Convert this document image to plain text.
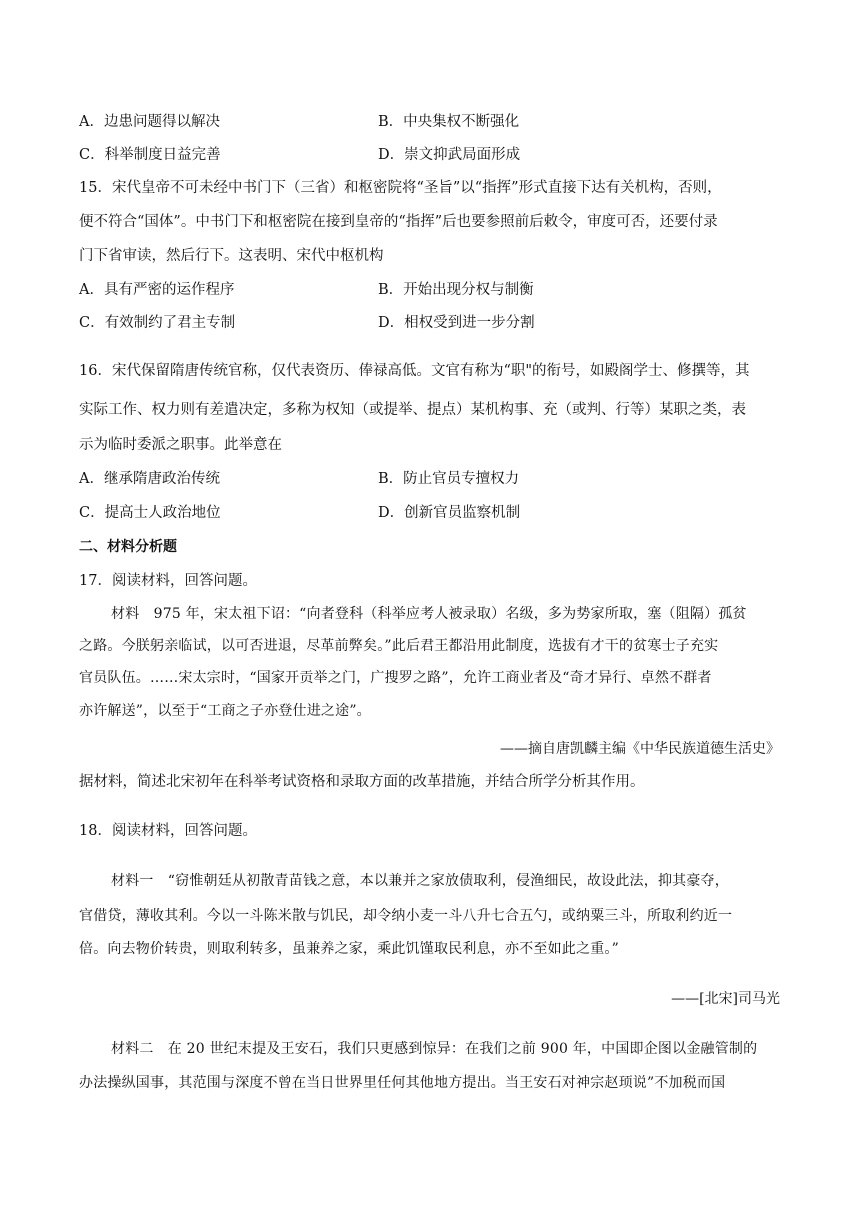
A．边患问题得以解决	B．中央集权不断强化
C．科举制度日益完善	D．崇文抑武局面形成
15．宋代皇帝不可未经中书门下（三省）和枢密院将“圣旨”以“指挥”形式直接下达有关机构，否则，
便不符合“国体”。中书门下和枢密院在接到皇帝的“指挥”后也要参照前后敕令，审度可否，还要付录
门下省审读，然后行下。这表明、宋代中枢机构
A．具有严密的运作程序	B．开始出现分权与制衡
C．有效制约了君主专制	D．相权受到进一步分割
16．宋代保留隋唐传统官称，仅代表资历、俸禄高低。文官有称为“职"的衔号，如殿阁学士、修撰等，其
实际工作、权力则有差遣决定，多称为权知（或提举、提点）某机构事、充（或判、行等）某职之类，表
示为临时委派之职事。此举意在
A．继承隋唐政治传统	B．防止官员专擅权力
C．提高士人政治地位	D．创新官员监察机制
二、材料分析题
17．阅读材料，回答问题。
材料　975 年，宋太祖下诏：“向者登科（科举应考人被录取）名级，多为势家所取，塞（阻隔）孤贫
之路。今朕躬亲临试，以可否进退，尽革前弊矣。”此后君王都沿用此制度，选拔有才干的贫寒士子充实
官员队伍。……宋太宗时，“国家开贡举之门，广搜罗之路”，允许工商业者及“奇才异行、卓然不群者
亦许解送”，以至于“工商之子亦登仕进之途”。
——摘自唐凯麟主编《中华民族道德生活史》
据材料，简述北宋初年在科举考试资格和录取方面的改革措施，并结合所学分析其作用。
18．阅读材料，回答问题。
材料一　“窃惟朝廷从初散青苗钱之意，本以兼并之家放债取利，侵渔细民，故设此法，抑其豪夺，
官借贷，薄收其利。今以一斗陈米散与饥民，却令纳小麦一斗八升七合五勺，或纳粟三斗，所取利约近一
倍。向去物价转贵，则取利转多，虽兼养之家，乘此饥馑取民利息，亦不至如此之重。”
——[北宋]司马光
材料二　在 20 世纪末提及王安石，我们只更感到惊异：在我们之前 900 年，中国即企图以金融管制的
办法操纵国事，其范围与深度不曾在当日世界里任何其他地方提出。当王安石对神宗赵顼说”不加税而国
